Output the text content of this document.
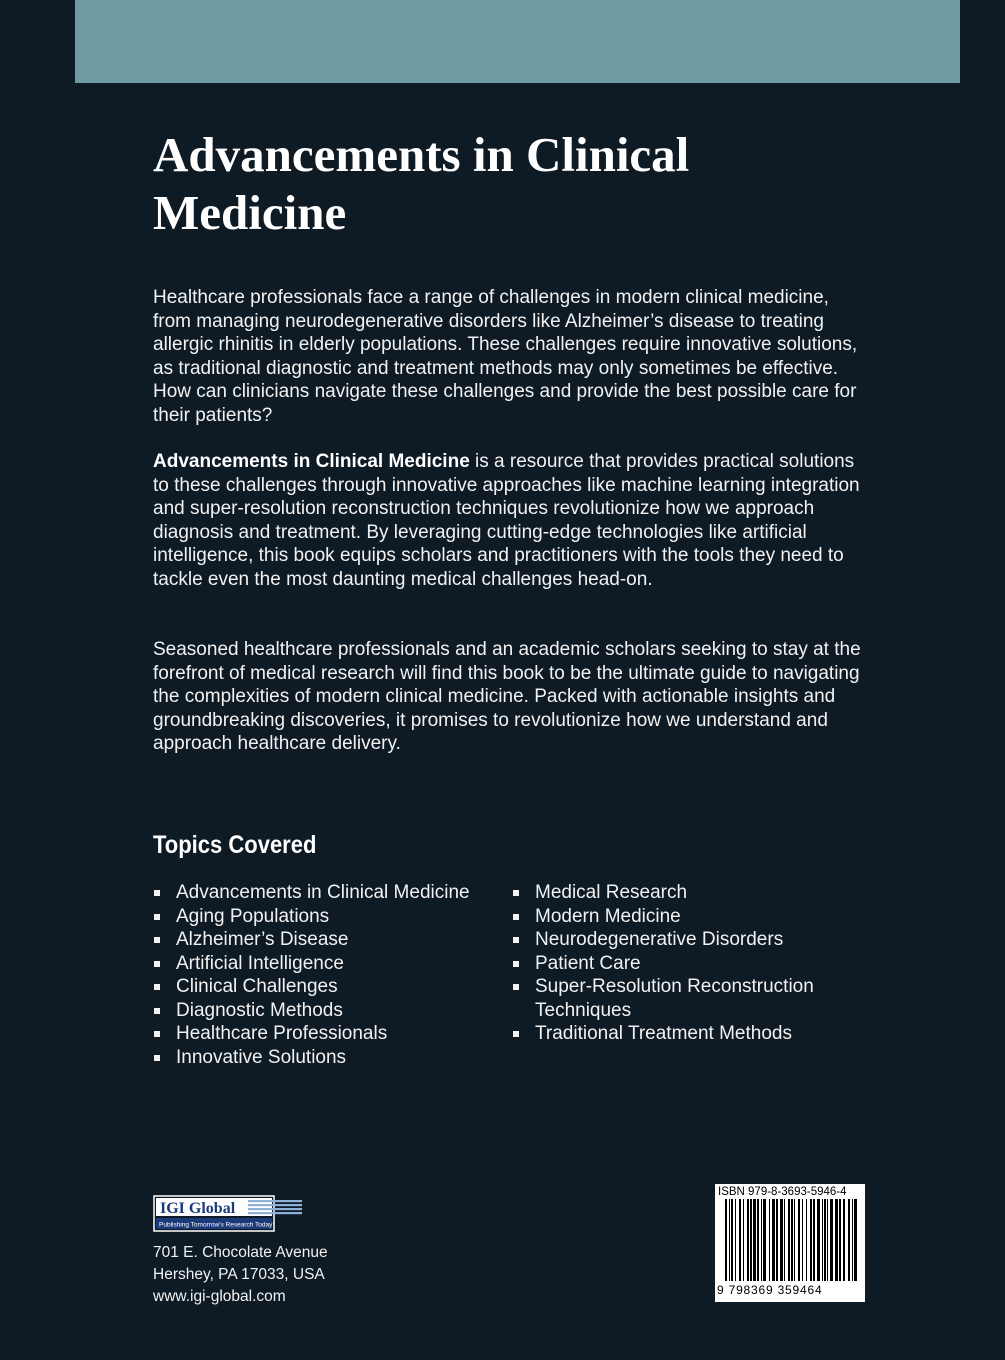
Advancements in Clinical Medicine

Healthcare professionals face a range of challenges in modern clinical medicine, from managing neurodegenerative disorders like Alzheimer’s disease to treating allergic rhinitis in elderly populations. These challenges require innovative solutions, as traditional diagnostic and treatment methods may only sometimes be effective. How can clinicians navigate these challenges and provide the best possible care for their patients?

Advancements in Clinical Medicine is a resource that provides practical solutions to these challenges through innovative approaches like machine learning integration and super-resolution reconstruction techniques revolutionize how we approach diagnosis and treatment. By leveraging cutting-edge technologies like artificial intelligence, this book equips scholars and practitioners with the tools they need to tackle even the most daunting medical challenges head-on.

Seasoned healthcare professionals and an academic scholars seeking to stay at the forefront of medical research will find this book to be the ultimate guide to navigating the complexities of modern clinical medicine. Packed with actionable insights and groundbreaking discoveries, it promises to revolutionize how we understand and approach healthcare delivery.

Topics Covered
Advancements in Clinical Medicine
Aging Populations
Alzheimer’s Disease
Artificial Intelligence
Clinical Challenges
Diagnostic Methods
Healthcare Professionals
Innovative Solutions
Medical Research
Modern Medicine
Neurodegenerative Disorders
Patient Care
Super-Resolution Reconstruction Techniques
Traditional Treatment Methods
IGI Global
Publishing Tomorrow's Research Today
701 E. Chocolate Avenue
Hershey, PA 17033, USA
www.igi-global.com
ISBN 979-8-3693-5946-4
9 798369 359464
